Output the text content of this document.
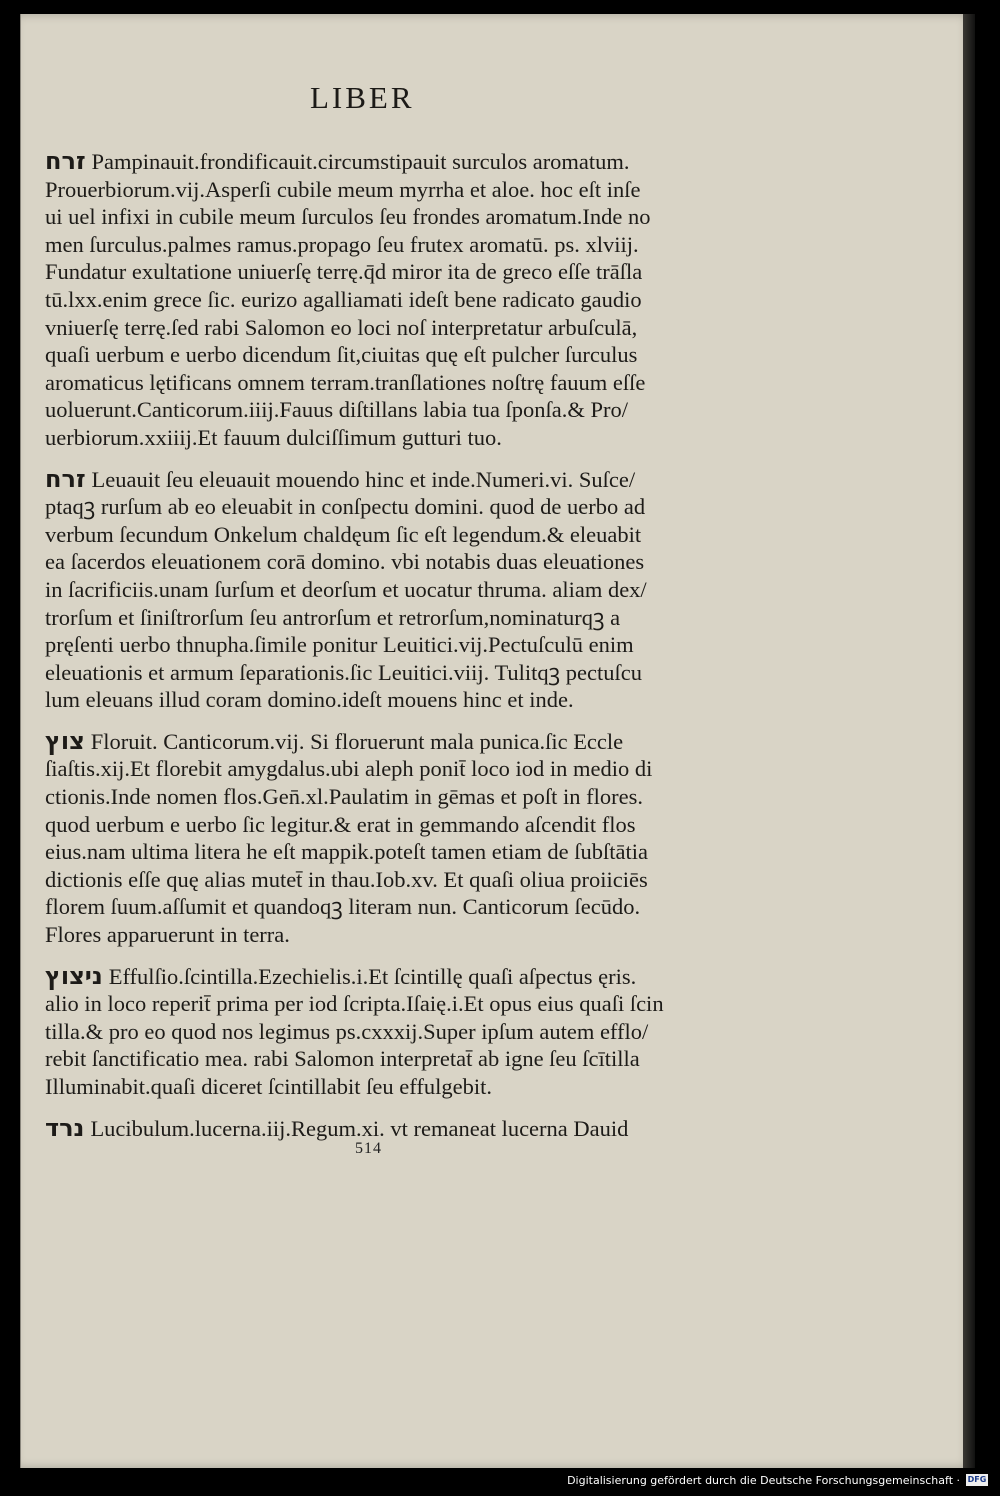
LIBER
זרח Pampinauit.frondificauit.circumstipauit surculos aromatum.
Prouerbiorum.vij.Asperſi cubile meum myrrha et aloe. hoc eſt inſe
ui uel infixi in cubile meum ſurculos ſeu frondes aromatum.Inde no
men ſurculus.palmes ramus.propago ſeu frutex aromatū. ps. xlviij.
Fundatur exultatione uniuerſę terrę.q̄d miror ita de greco eſſe trāſla
tū.lxx.enim grece ſic. eurizo agalliamati ideſt bene radicato gaudio
vniuerſę terrę.ſed rabi Salomon eo loci noſ interpretatur arbuſculā,
quaſi uerbum e uerbo dicendum ſit,ciuitas quę eſt pulcher ſurculus
aromaticus lętificans omnem terram.tranſlationes noſtrę fauum eſſe
uoluerunt.Canticorum.iiij.Fauus diſtillans labia tua ſponſa.& Pro/
uerbiorum.xxiiij.Et fauum dulciſſimum gutturi tuo.
זרח Leuauit ſeu eleuauit mouendo hinc et inde.Numeri.vi. Suſce/
ptaqꝫ rurſum ab eo eleuabit in conſpectu domini. quod de uerbo ad
verbum ſecundum Onkelum chaldęum ſic eſt legendum.& eleuabit
ea ſacerdos eleuationem corā domino. vbi notabis duas eleuationes
in ſacrificiis.unam ſurſum et deorſum et uocatur thruma. aliam dex/
trorſum et ſiniſtrorſum ſeu antrorſum et retrorſum,nominaturqꝫ a
pręſenti uerbo thnupha.ſimile ponitur Leuitici.vij.Pectuſculū enim
eleuationis et armum ſeparationis.ſic Leuitici.viij. Tulitqꝫ pectuſcu
lum eleuans illud coram domino.ideſt mouens hinc et inde.
צוץ Floruit. Canticorum.vij. Si floruerunt mala punica.ſic Eccle
ſiaſtis.xij.Et florebit amygdalus.ubi aleph ponit̄ loco iod in medio di
ctionis.Inde nomen flos.Gen̄.xl.Paulatim in gēmas et poſt in flores.
quod uerbum e uerbo ſic legitur.& erat in gemmando aſcendit flos
eius.nam ultima litera he eſt mappik.poteſt tamen etiam de ſubſtātia
dictionis eſſe quę alias mutet̄ in thau.Iob.xv. Et quaſi oliua proiiciēs
florem ſuum.aſſumit et quandoqꝫ literam nun. Canticorum ſecūdo.
Flores apparuerunt in terra.
ניצוץ Effulſio.ſcintilla.Ezechielis.i.Et ſcintillę quaſi aſpectus ęris.
alio in loco reperit̄ prima per iod ſcripta.Iſaię.i.Et opus eius quaſi ſcin
tilla.& pro eo quod nos legimus ps.cxxxij.Super ipſum autem efflo/
rebit ſanctificatio mea. rabi Salomon interpretat̄ ab igne ſeu ſcītilla
Illuminabit.quaſi diceret ſcintillabit ſeu effulgebit.
נרד Lucibulum.lucerna.iij.Regum.xi. vt remaneat lucerna Dauid
514
Digitalisierung gefördert durch die Deutsche Forschungsgemeinschaft · DFG
